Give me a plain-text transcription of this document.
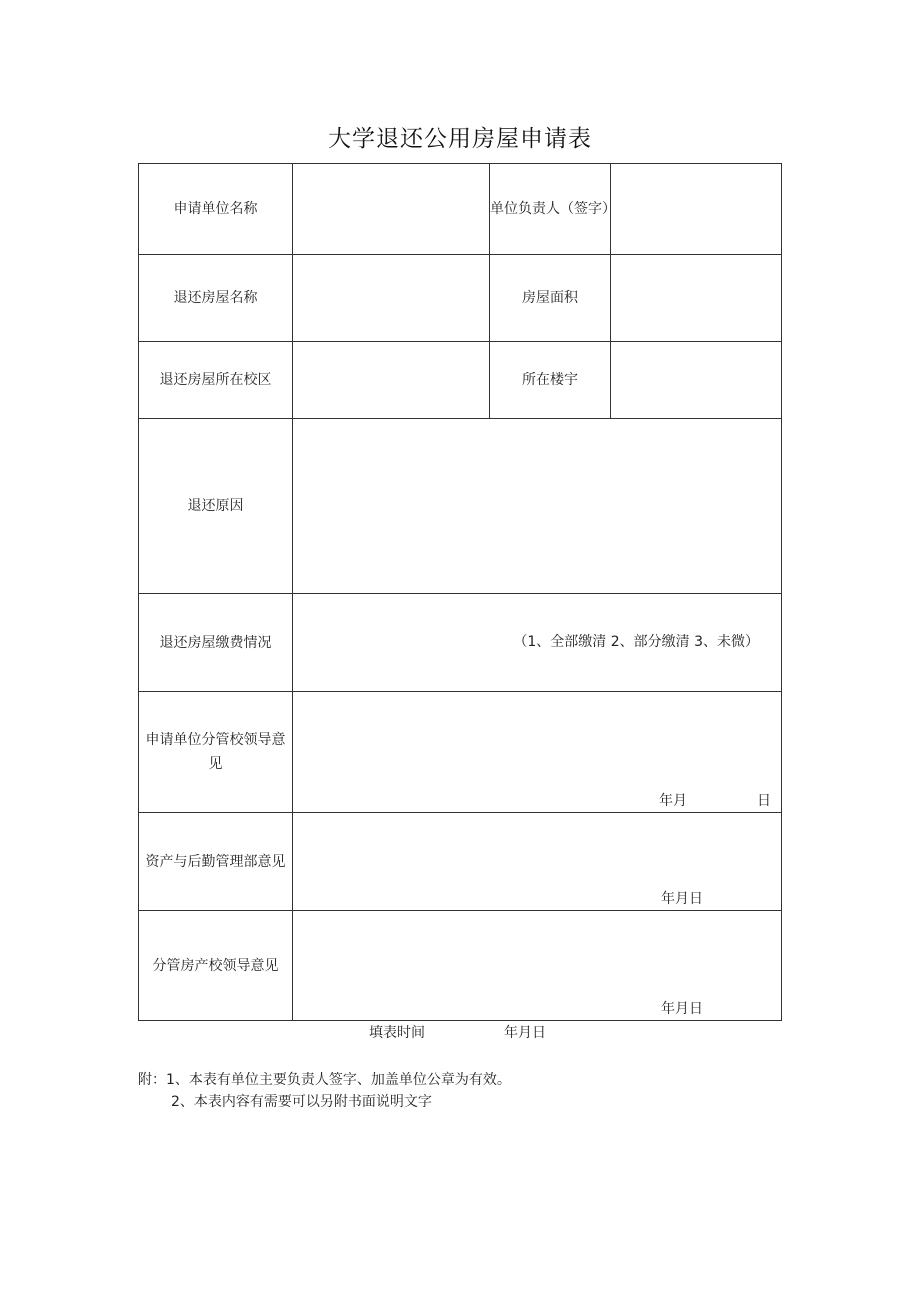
大学退还公用房屋申请表
申请单位名称		单位负责人（签字）	
退还房屋名称		房屋面积	
退还房屋所在校区		所在楼宇	
退还原因			
退还房屋缴费情况	（1、全部缴清 2、部分缴清 3、未微）		

申请单位分管校领导意见	年月 日		

资产与后勤管理部意见	年月日		

分管房产校领导意见	年月日		
填表时间	年月日
附：1、本表有单位主要负责人签字、加盖单位公章为有效。
2、本表内容有需要可以另附书面说明文字
